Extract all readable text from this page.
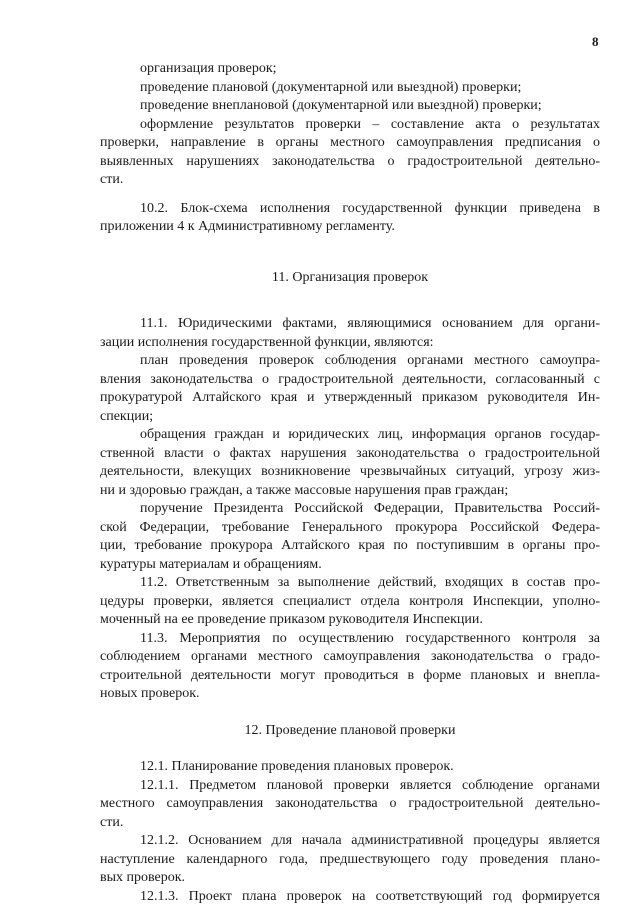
8
организация проверок;
проведение плановой (документарной или выездной) проверки;
проведение внеплановой (документарной или выездной) проверки;
оформление результатов проверки – составление акта о результатах
проверки, направление в органы местного самоуправления предписания о
выявленных нарушениях законодательства о градостроительной деятельно-
сти.
10.2. Блок-схема исполнения государственной функции приведена в
приложении 4 к Административному регламенту.
11. Организация проверок
11.1. Юридическими фактами, являющимися основанием для органи-
зации исполнения государственной функции, являются:
план проведения проверок соблюдения органами местного самоупра-
вления законодательства о градостроительной деятельности, согласованный с
прокуратурой Алтайского края и утвержденный приказом руководителя Ин-
спекции;
обращения граждан и юридических лиц, информация органов государ-
ственной власти о фактах нарушения законодательства о градостроительной
деятельности, влекущих возникновение чрезвычайных ситуаций, угрозу жиз-
ни и здоровью граждан, а также массовые нарушения прав граждан;
поручение Президента Российской Федерации, Правительства Россий-
ской Федерации, требование Генерального прокурора Российской Федера-
ции, требование прокурора Алтайского края по поступившим в органы про-
куратуры материалам и обращениям.
11.2. Ответственным за выполнение действий, входящих в состав про-
цедуры проверки, является специалист отдела контроля Инспекции, уполно-
моченный на ее проведение приказом руководителя Инспекции.
11.3. Мероприятия по осуществлению государственного контроля за
соблюдением органами местного самоуправления законодательства о градо-
строительной деятельности могут проводиться в форме плановых и внепла-
новых проверок.
12. Проведение плановой проверки
12.1. Планирование проведения плановых проверок.
12.1.1. Предметом плановой проверки является соблюдение органами
местного самоуправления законодательства о градостроительной деятельно-
сти.
12.1.2. Основанием для начала административной процедуры является
наступление календарного года, предшествующего году проведения плано-
вых проверок.
12.1.3. Проект плана проверок на соответствующий год формируется
